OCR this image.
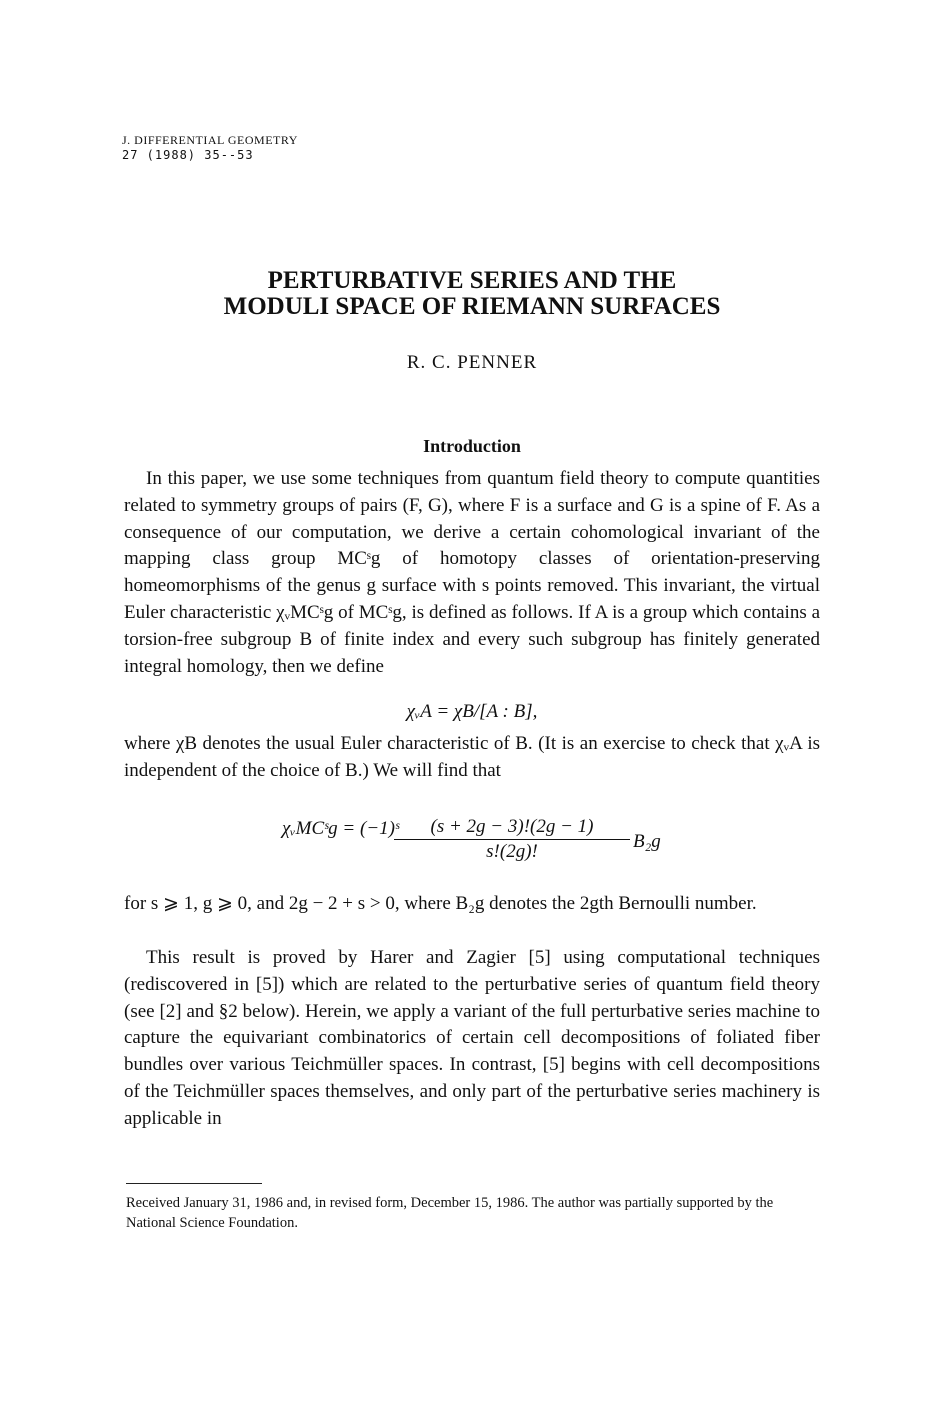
J. DIFFERENTIAL GEOMETRY
27 (1988) 35--53
PERTURBATIVE SERIES AND THE
MODULI SPACE OF RIEMANN SURFACES
R. C. PENNER
Introduction
In this paper, we use some techniques from quantum field theory to compute quantities related to symmetry groups of pairs (F, G), where F is a surface and G is a spine of F. As a consequence of our computation, we derive a certain cohomological invariant of the mapping class group MCˢg of homotopy classes of orientation-preserving homeomorphisms of the genus g surface with s points removed. This invariant, the virtual Euler characteristic χᵥMCˢg of MCˢg, is defined as follows. If A is a group which contains a torsion-free subgroup B of finite index and every such subgroup has finitely generated integral homology, then we define
χᵥA = χB/[A : B],
where χB denotes the usual Euler characteristic of B. (It is an exercise to check that χᵥA is independent of the choice of B.) We will find that
χᵥMCˢg = (−1)ˢ
$\frac{(s + 2g - 3)!(2g - 1)}{s!(2g)!} B_2g$
for s ⩾ 1, g ⩾ 0, and 2g − 2 + s > 0, where B₂g denotes the 2gth Bernoulli number.
This result is proved by Harer and Zagier [5] using computational techniques (rediscovered in [5]) which are related to the perturbative series of quantum field theory (see [2] and §2 below). Herein, we apply a variant of the full perturbative series machine to capture the equivariant combinatorics of certain cell decompositions of foliated fiber bundles over various Teichmüller spaces. In contrast, [5] begins with cell decompositions of the Teichmüller spaces themselves, and only part of the perturbative series machinery is applicable in
Received January 31, 1986 and, in revised form, December 15, 1986. The author was partially supported by the National Science Foundation.
